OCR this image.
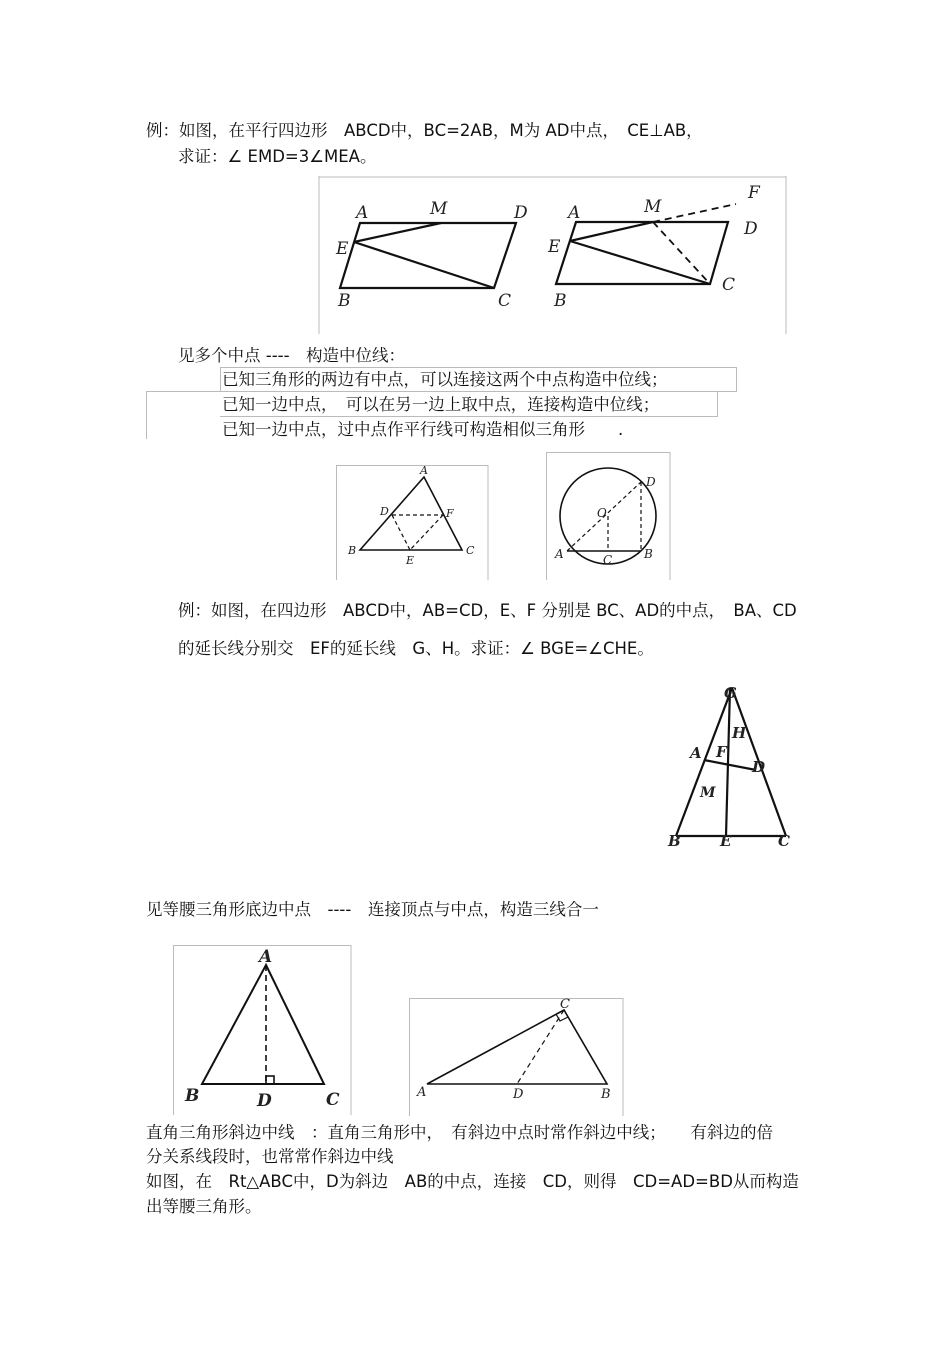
例：如图，在平行四边形　ABCD中，BC=2AB，M为 AD中点，　CE⊥AB，
求证：∠ EMD=3∠MEA。
A	M	D
E
B	C
A	M
F
D
E
B
C
见多个中点 ----　构造中位线：
已知三角形的两边有中点，可以连接这两个中点构造中位线；
已知一边中点，　可以在另一边上取中点，连接构造中位线；
已知一边中点，过中点作平行线可构造相似三角形　　.
A
D	F
B
E
C
D
O
A	C	B
例：如图，在四边形　ABCD中，AB=CD，E、F 分别是 BC、AD的中点，　BA、CD
的延长线分别交　EF的延长线　G、H。求证：∠ BGE=∠CHE。
G
H
A F
D
M
B	E	C
见等腰三角形底边中点　----　连接顶点与中点，构造三线合一
A
B	D	C
C
A	D	B
直角三角形斜边中线　：直角三角形中，　有斜边中点时常作斜边中线；　　有斜边的倍
分关系线段时，也常常作斜边中线
如图，在　Rt△ABC中，D为斜边　AB的中点，连接　CD，则得　CD=AD=BD从而构造
出等腰三角形。
